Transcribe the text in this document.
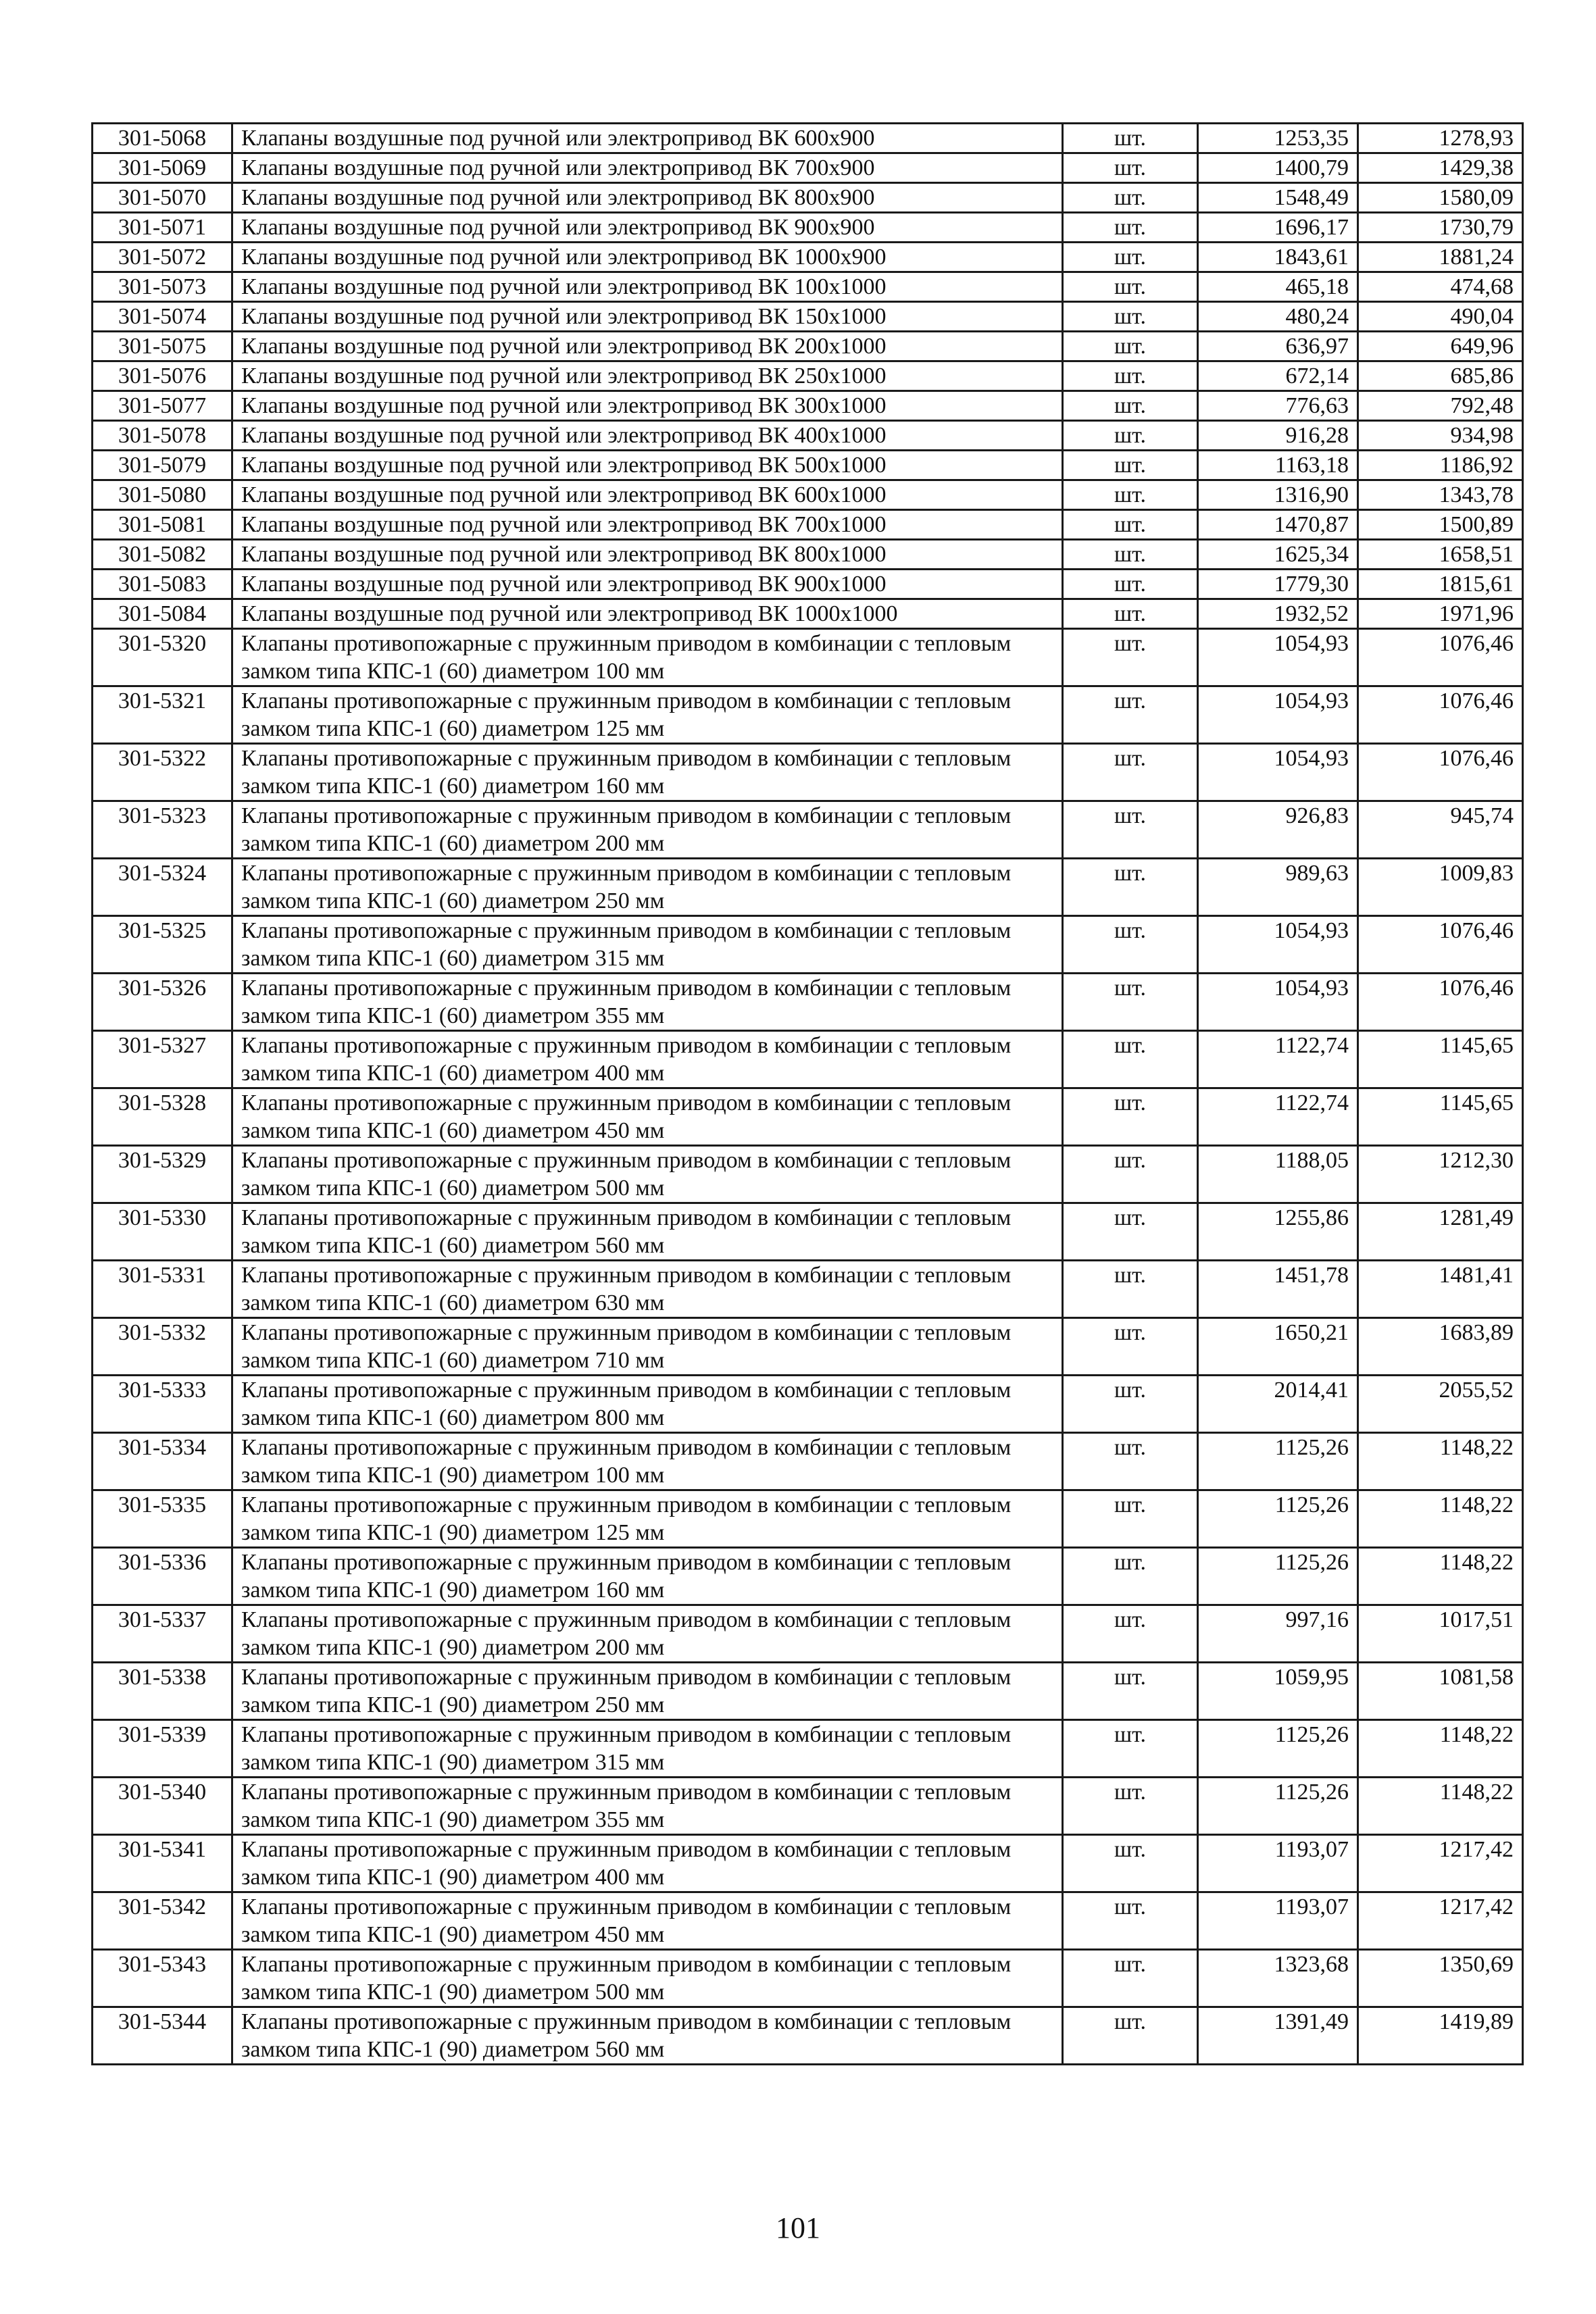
301-5068	Клапаны воздушные под ручной или электропривод ВК 600х900	шт.	1253,35	1278,93
301-5069	Клапаны воздушные под ручной или электропривод ВК 700х900	шт.	1400,79	1429,38
301-5070	Клапаны воздушные под ручной или электропривод ВК 800х900	шт.	1548,49	1580,09
301-5071	Клапаны воздушные под ручной или электропривод ВК 900х900	шт.	1696,17	1730,79
301-5072	Клапаны воздушные под ручной или электропривод ВК 1000х900	шт.	1843,61	1881,24
301-5073	Клапаны воздушные под ручной или электропривод ВК 100х1000	шт.	465,18	474,68
301-5074	Клапаны воздушные под ручной или электропривод ВК 150х1000	шт.	480,24	490,04
301-5075	Клапаны воздушные под ручной или электропривод ВК 200х1000	шт.	636,97	649,96
301-5076	Клапаны воздушные под ручной или электропривод ВК 250х1000	шт.	672,14	685,86
301-5077	Клапаны воздушные под ручной или электропривод ВК 300х1000	шт.	776,63	792,48
301-5078	Клапаны воздушные под ручной или электропривод ВК 400х1000	шт.	916,28	934,98
301-5079	Клапаны воздушные под ручной или электропривод ВК 500х1000	шт.	1163,18	1186,92
301-5080	Клапаны воздушные под ручной или электропривод ВК 600х1000	шт.	1316,90	1343,78
301-5081	Клапаны воздушные под ручной или электропривод ВК 700х1000	шт.	1470,87	1500,89
301-5082	Клапаны воздушные под ручной или электропривод ВК 800х1000	шт.	1625,34	1658,51
301-5083	Клапаны воздушные под ручной или электропривод ВК 900х1000	шт.	1779,30	1815,61
301-5084	Клапаны воздушные под ручной или электропривод ВК 1000х1000	шт.	1932,52	1971,96
301-5320	Клапаны противопожарные с пружинным приводом в комбинации с тепловым замком типа КПС-1 (60) диаметром 100 мм	шт.	1054,93	1076,46
301-5321	Клапаны противопожарные с пружинным приводом в комбинации с тепловым замком типа КПС-1 (60) диаметром 125 мм	шт.	1054,93	1076,46
301-5322	Клапаны противопожарные с пружинным приводом в комбинации с тепловым замком типа КПС-1 (60) диаметром 160 мм	шт.	1054,93	1076,46
301-5323	Клапаны противопожарные с пружинным приводом в комбинации с тепловым замком типа КПС-1 (60) диаметром 200 мм	шт.	926,83	945,74
301-5324	Клапаны противопожарные с пружинным приводом в комбинации с тепловым замком типа КПС-1 (60) диаметром 250 мм	шт.	989,63	1009,83
301-5325	Клапаны противопожарные с пружинным приводом в комбинации с тепловым замком типа КПС-1 (60) диаметром 315 мм	шт.	1054,93	1076,46
301-5326	Клапаны противопожарные с пружинным приводом в комбинации с тепловым замком типа КПС-1 (60) диаметром 355 мм	шт.	1054,93	1076,46
301-5327	Клапаны противопожарные с пружинным приводом в комбинации с тепловым замком типа КПС-1 (60) диаметром 400 мм	шт.	1122,74	1145,65
301-5328	Клапаны противопожарные с пружинным приводом в комбинации с тепловым замком типа КПС-1 (60) диаметром 450 мм	шт.	1122,74	1145,65
301-5329	Клапаны противопожарные с пружинным приводом в комбинации с тепловым замком типа КПС-1 (60) диаметром 500 мм	шт.	1188,05	1212,30
301-5330	Клапаны противопожарные с пружинным приводом в комбинации с тепловым замком типа КПС-1 (60) диаметром 560 мм	шт.	1255,86	1281,49
301-5331	Клапаны противопожарные с пружинным приводом в комбинации с тепловым замком типа КПС-1 (60) диаметром 630 мм	шт.	1451,78	1481,41
301-5332	Клапаны противопожарные с пружинным приводом в комбинации с тепловым замком типа КПС-1 (60) диаметром 710 мм	шт.	1650,21	1683,89
301-5333	Клапаны противопожарные с пружинным приводом в комбинации с тепловым замком типа КПС-1 (60) диаметром 800 мм	шт.	2014,41	2055,52
301-5334	Клапаны противопожарные с пружинным приводом в комбинации с тепловым замком типа КПС-1 (90) диаметром 100 мм	шт.	1125,26	1148,22
301-5335	Клапаны противопожарные с пружинным приводом в комбинации с тепловым замком типа КПС-1 (90) диаметром 125 мм	шт.	1125,26	1148,22
301-5336	Клапаны противопожарные с пружинным приводом в комбинации с тепловым замком типа КПС-1 (90) диаметром 160 мм	шт.	1125,26	1148,22
301-5337	Клапаны противопожарные с пружинным приводом в комбинации с тепловым замком типа КПС-1 (90) диаметром 200 мм	шт.	997,16	1017,51
301-5338	Клапаны противопожарные с пружинным приводом в комбинации с тепловым замком типа КПС-1 (90) диаметром 250 мм	шт.	1059,95	1081,58
301-5339	Клапаны противопожарные с пружинным приводом в комбинации с тепловым замком типа КПС-1 (90) диаметром 315 мм	шт.	1125,26	1148,22
301-5340	Клапаны противопожарные с пружинным приводом в комбинации с тепловым замком типа КПС-1 (90) диаметром 355 мм	шт.	1125,26	1148,22
301-5341	Клапаны противопожарные с пружинным приводом в комбинации с тепловым замком типа КПС-1 (90) диаметром 400 мм	шт.	1193,07	1217,42
301-5342	Клапаны противопожарные с пружинным приводом в комбинации с тепловым замком типа КПС-1 (90) диаметром 450 мм	шт.	1193,07	1217,42
301-5343	Клапаны противопожарные с пружинным приводом в комбинации с тепловым замком типа КПС-1 (90) диаметром 500 мм	шт.	1323,68	1350,69
301-5344	Клапаны противопожарные с пружинным приводом в комбинации с тепловым замком типа КПС-1 (90) диаметром 560 мм	шт.	1391,49	1419,89
101
